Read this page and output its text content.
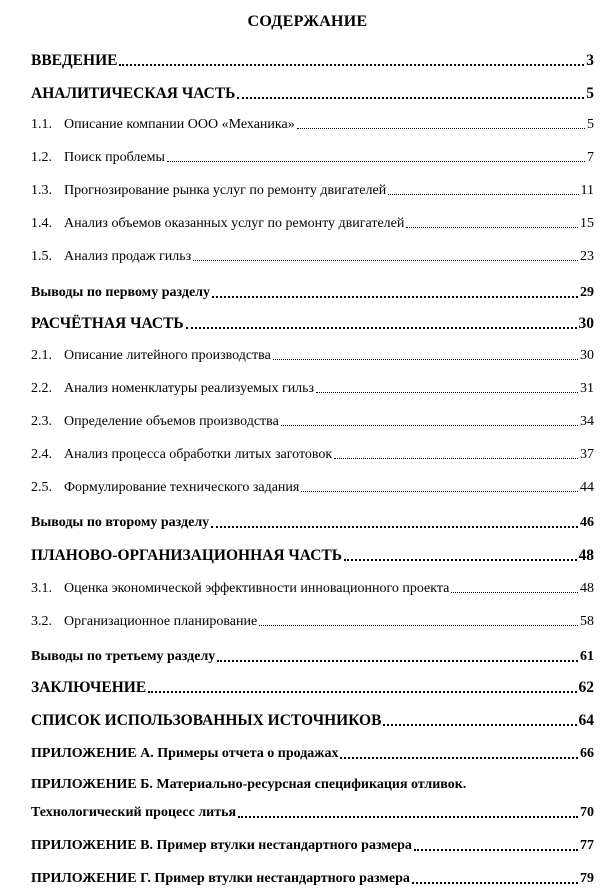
СОДЕРЖАНИЕ
ВВЕДЕНИЕ	3
АНАЛИТИЧЕСКАЯ ЧАСТЬ	5
1.1. Описание компании ООО «Механика»	5
1.2. Поиск проблемы	7
1.3. Прогнозирование рынка услуг по ремонту двигателей	11
1.4. Анализ объемов оказанных услуг по ремонту двигателей	15
1.5. Анализ продаж гильз	23
Выводы по первому разделу	29
РАСЧЁТНАЯ ЧАСТЬ	30
2.1. Описание литейного производства	30
2.2. Анализ номенклатуры реализуемых гильз	31
2.3. Определение объемов производства	34
2.4. Анализ процесса обработки литых заготовок	37
2.5. Формулирование технического задания	44
Выводы по второму разделу	46
ПЛАНОВО-ОРГАНИЗАЦИОННАЯ ЧАСТЬ	48
3.1. Оценка экономической эффективности инновационного проекта	48
3.2. Организационное планирование	58
Выводы по третьему разделу	61
ЗАКЛЮЧЕНИЕ	62
СПИСОК ИСПОЛЬЗОВАННЫХ ИСТОЧНИКОВ	64
ПРИЛОЖЕНИЕ А. Примеры отчета о продажах	66
ПРИЛОЖЕНИЕ Б. Материально-ресурсная спецификация отливок.
Технологический процесс литья	70
ПРИЛОЖЕНИЕ В. Пример втулки нестандартного размера	77
ПРИЛОЖЕНИЕ Г. Пример втулки нестандартного размера	79
